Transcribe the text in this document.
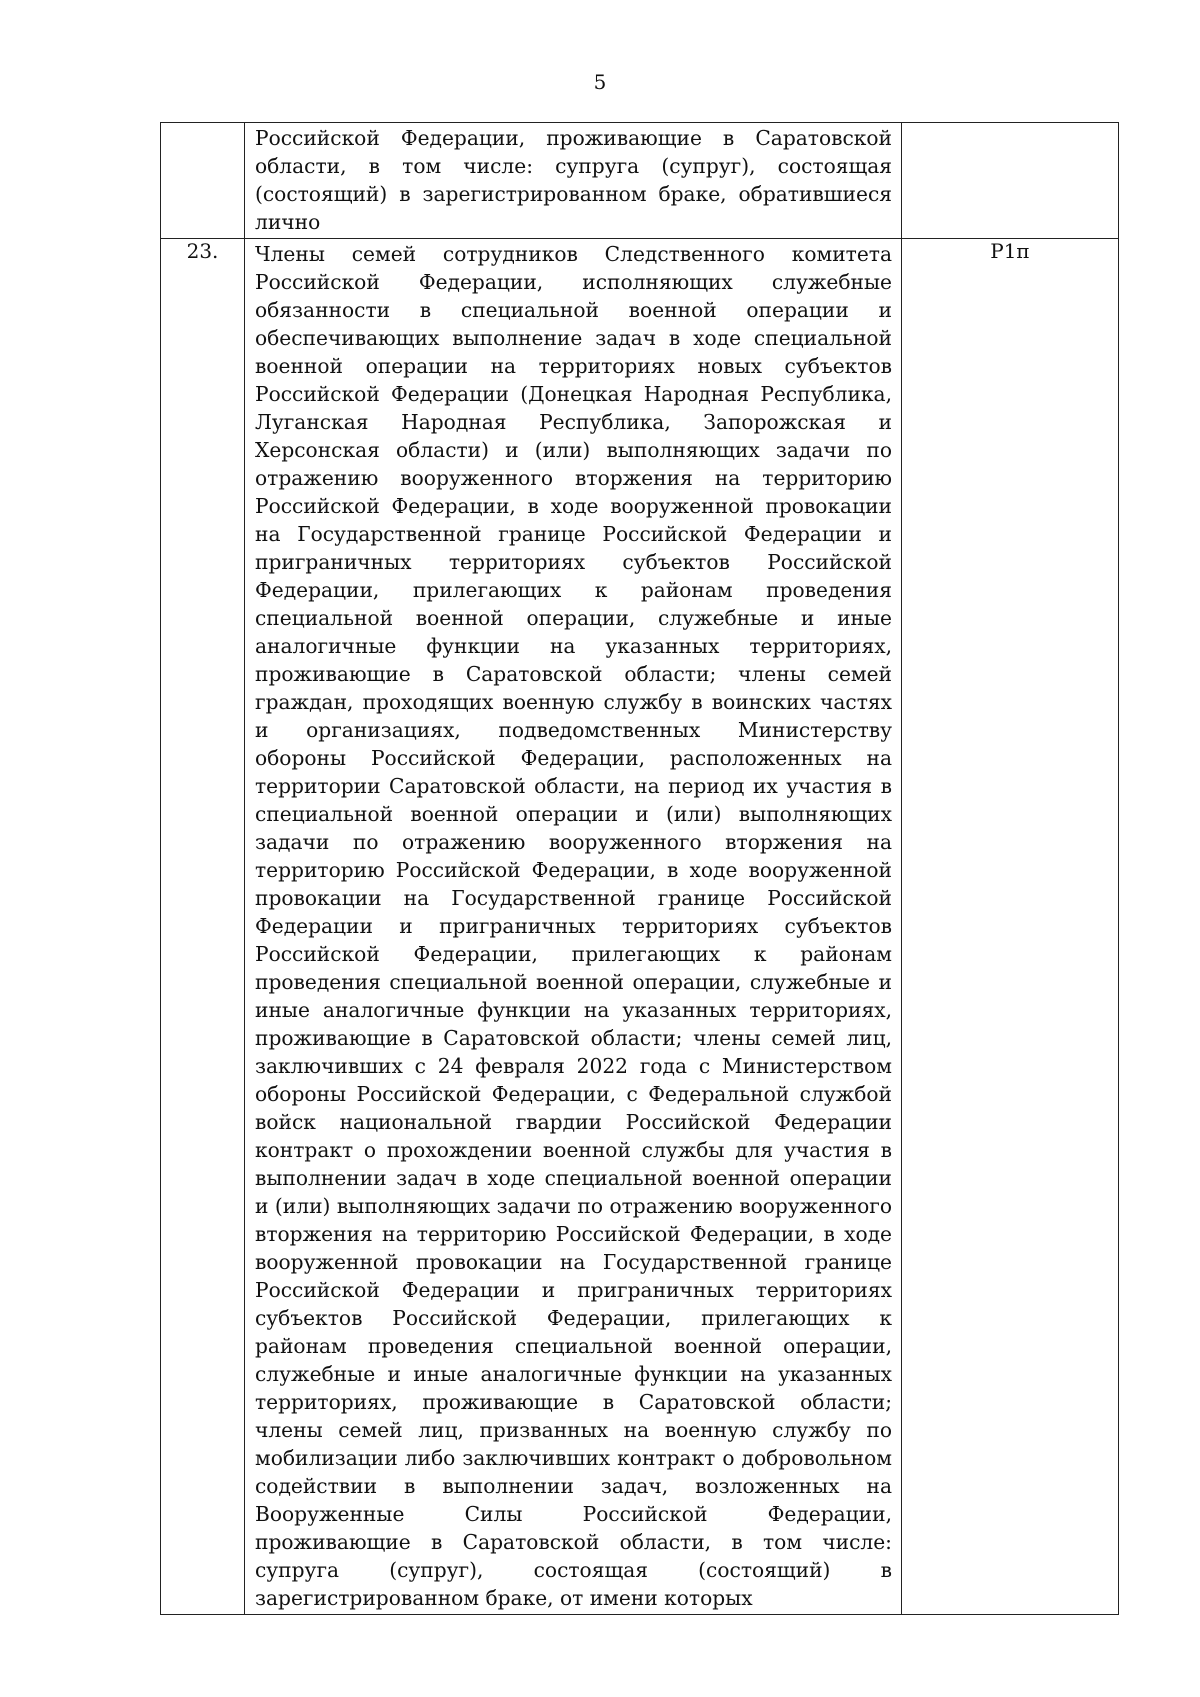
5

	Российской Федерации, проживающие в Саратовской области, в том числе: супруга (супруг), состоящая (состоящий) в зарегистрированном браке, обратившиеся лично	

23.	Члены семей сотрудников Следственного комитета Российской Федерации, исполняющих служебные обязанности в специальной военной операции и обеспечивающих выполнение задач в ходе специальной военной операции на территориях новых субъектов Российской Федерации (Донецкая Народная Республика, Луганская Народная Республика, Запорожская и Херсонская области) и (или) выполняющих задачи по отражению вооруженного вторжения на территорию Российской Федерации, в ходе вооруженной провокации на Государственной границе Российской Федерации и приграничных территориях субъектов Российской Федерации, прилегающих к районам проведения специальной военной операции, служебные и иные аналогичные функции на указанных территориях, проживающие в Саратовской области; члены семей граждан, проходящих военную службу в воинских частях и организациях, подведомственных Министерству обороны Российской Федерации, расположенных на территории Саратовской области, на период их участия в специальной военной операции и (или) выполняющих задачи по отражению вооруженного вторжения на территорию Российской Федерации, в ходе вооруженной провокации на Государственной границе Российской Федерации и приграничных территориях субъектов Российской Федерации, прилегающих к районам проведения специальной военной операции, служебные и иные аналогичные функции на указанных территориях, проживающие в Саратовской области; члены семей лиц, заключивших с 24 февраля 2022 года с Министерством обороны Российской Федерации, с Федеральной службой войск национальной гвардии Российской Федерации контракт о прохождении военной службы для участия в выполнении задач в ходе специальной военной операции и (или) выполняющих задачи по отражению вооруженного вторжения на территорию Российской Федерации, в ходе вооруженной провокации на Государственной границе Российской Федерации и приграничных территориях субъектов Российской Федерации, прилегающих к районам проведения специальной военной операции, служебные и иные аналогичные функции на указанных территориях, проживающие в Саратовской области; члены семей лиц, призванных на военную службу по мобилизации либо заключивших контракт о добровольном содействии в выполнении задач, возложенных на Вооруженные Силы Российской Федерации, проживающие в Саратовской области, в том числе: супруга (супруг), состоящая (состоящий) в зарегистрированном браке, от имени которых	Р1п
